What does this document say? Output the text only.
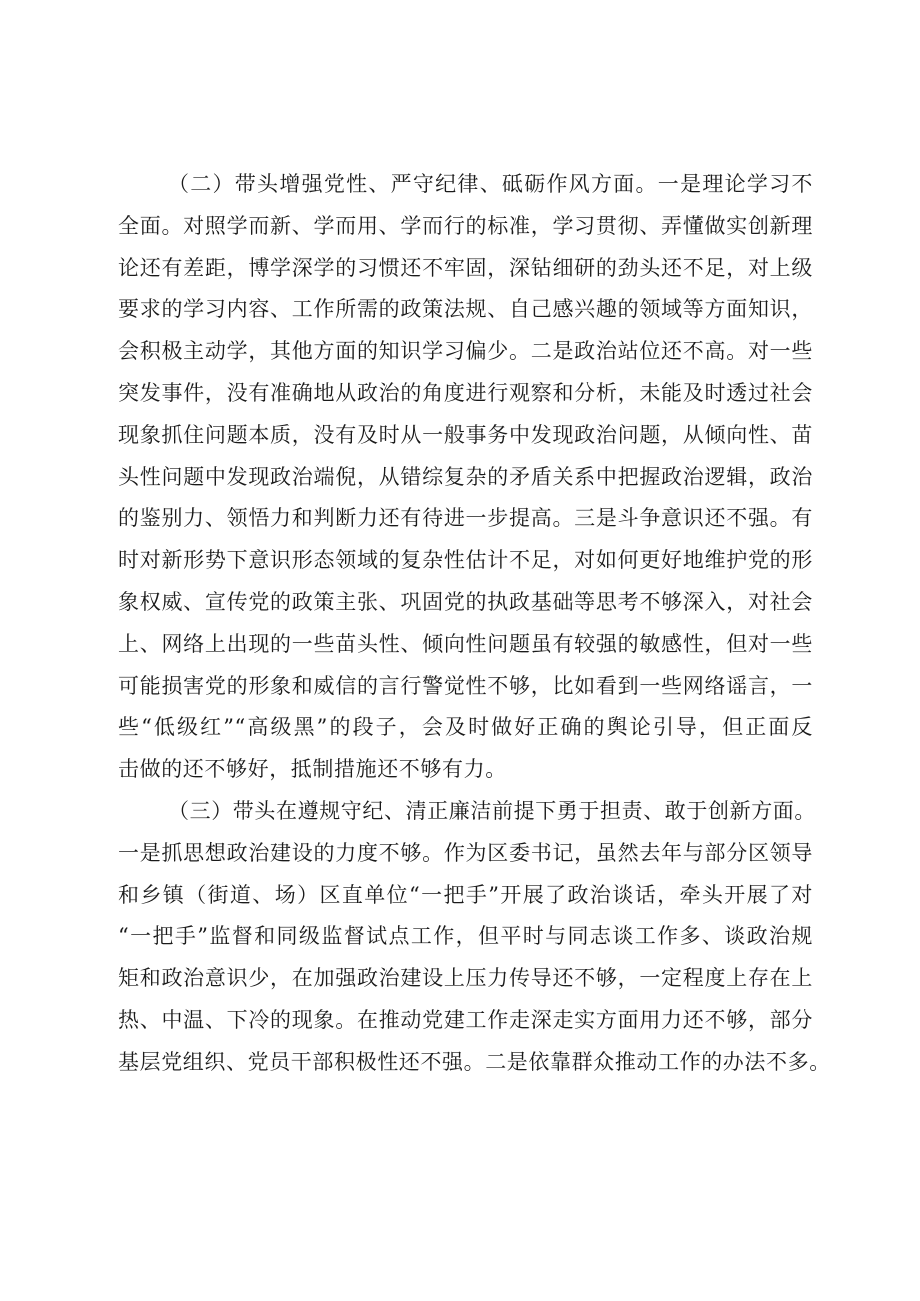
（二）带头增强党性、严守纪律、砥砺作风方面。一是理论学习不
全面。对照学而新、学而用、学而行的标准，学习贯彻、弄懂做实创新理
论还有差距，博学深学的习惯还不牢固，深钻细研的劲头还不足，对上级
要求的学习内容、工作所需的政策法规、自己感兴趣的领域等方面知识，
会积极主动学，其他方面的知识学习偏少。二是政治站位还不高。对一些
突发事件，没有准确地从政治的角度进行观察和分析，未能及时透过社会
现象抓住问题本质，没有及时从一般事务中发现政治问题，从倾向性、苗
头性问题中发现政治端倪，从错综复杂的矛盾关系中把握政治逻辑，政治
的鉴别力、领悟力和判断力还有待进一步提高。三是斗争意识还不强。有
时对新形势下意识形态领域的复杂性估计不足，对如何更好地维护党的形
象权威、宣传党的政策主张、巩固党的执政基础等思考不够深入，对社会
上、网络上出现的一些苗头性、倾向性问题虽有较强的敏感性，但对一些
可能损害党的形象和威信的言行警觉性不够，比如看到一些网络谣言，一
些“低级红”“高级黑”的段子，会及时做好正确的舆论引导，但正面反
击做的还不够好，抵制措施还不够有力。
（三）带头在遵规守纪、清正廉洁前提下勇于担责、敢于创新方面。
一是抓思想政治建设的力度不够。作为区委书记，虽然去年与部分区领导
和乡镇（街道、场）区直单位“一把手”开展了政治谈话，牵头开展了对
“一把手”监督和同级监督试点工作，但平时与同志谈工作多、谈政治规
矩和政治意识少，在加强政治建设上压力传导还不够，一定程度上存在上
热、中温、下冷的现象。在推动党建工作走深走实方面用力还不够，部分
基层党组织、党员干部积极性还不强。二是依靠群众推动工作的办法不多。
